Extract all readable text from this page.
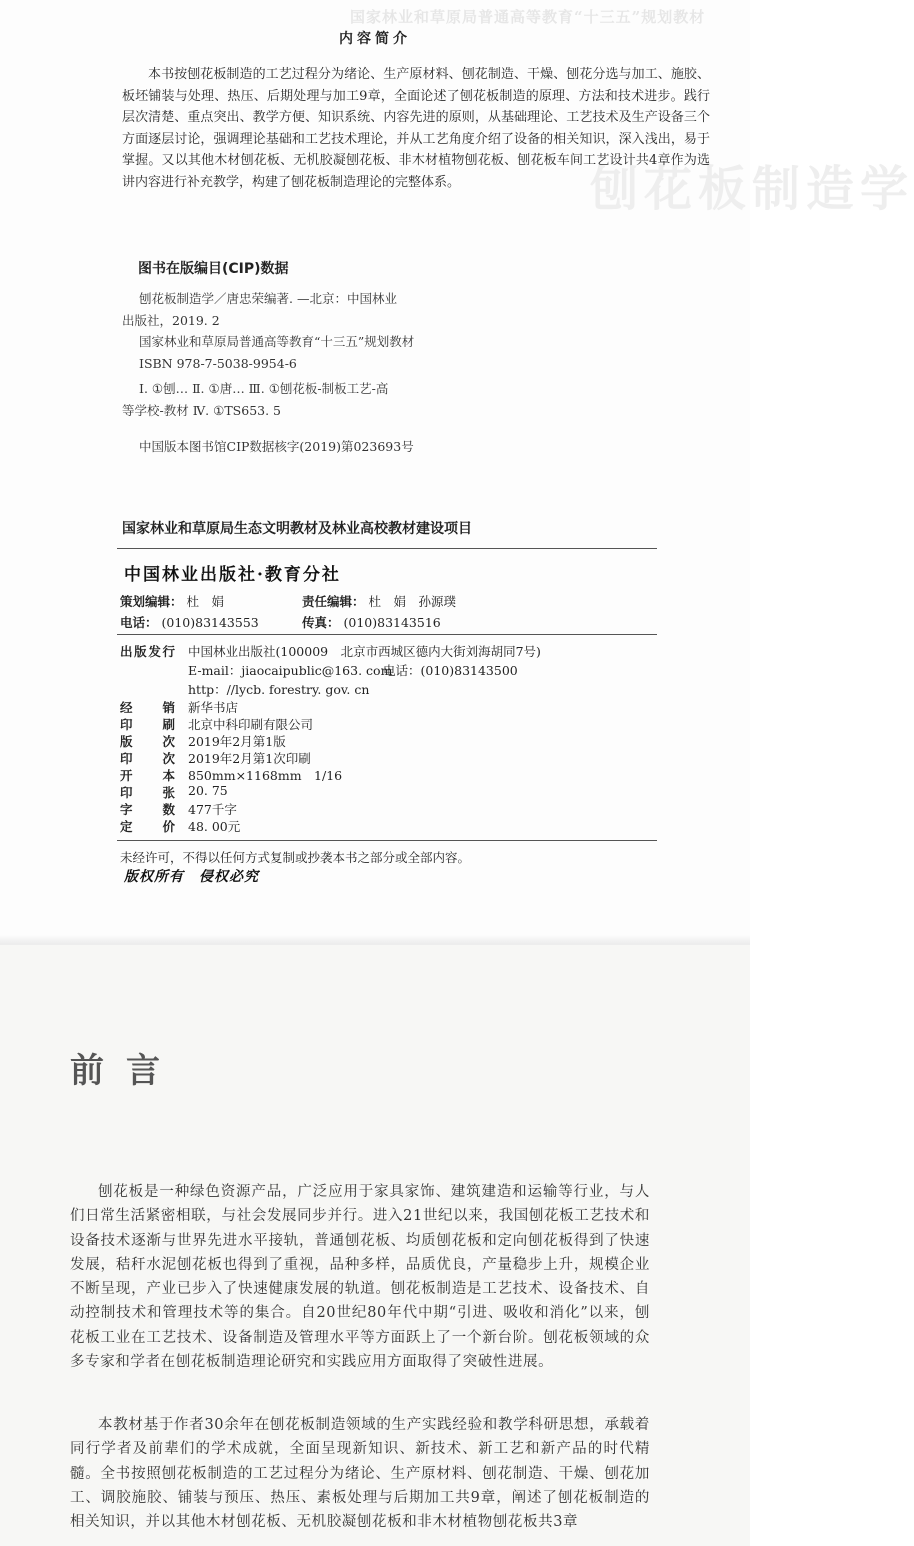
国家林业和草原局普通高等教育“十三五”规划教材
刨花板制造学
内容简介
本书按刨花板制造的工艺过程分为绪论、生产原材料、刨花制造、干燥、刨花分选与加工、施胶、板坯铺装与处理、热压、后期处理与加工9章，全面论述了刨花板制造的原理、方法和技术进步。践行层次清楚、重点突出、教学方便、知识系统、内容先进的原则，从基础理论、工艺技术及生产设备三个方面逐层讨论，强调理论基础和工艺技术理论，并从工艺角度介绍了设备的相关知识，深入浅出，易于掌握。又以其他木材刨花板、无机胶凝刨花板、非木材植物刨花板、刨花板车间工艺设计共4章作为选讲内容进行补充教学，构建了刨花板制造理论的完整体系。
图书在版编目(CIP)数据
刨花板制造学／唐忠荣编著. —北京：中国林业
出版社，2019. 2
国家林业和草原局普通高等教育“十三五”规划教材
ISBN 978-7-5038-9954-6
Ⅰ. ①刨… Ⅱ. ①唐… Ⅲ. ①刨花板-制板工艺-高
等学校-教材 Ⅳ. ①TS653. 5
中国版本图书馆CIP数据核字(2019)第023693号
国家林业和草原局生态文明教材及林业高校教材建设项目
中国林业出版社·教育分社
策划编辑： 杜　娟	责任编辑： 杜　娟　孙源璞
电话： (010)83143553	传真： (010)83143516
出版发行 中国林业出版社(100009　北京市西城区德内大街刘海胡同7号)
E-mail：jiaocaipublic@163. com
电话：(010)83143500
http：//lycb. forestry. gov. cn
经销 新华书店
印刷 北京中科印刷有限公司
版次 2019年2月第1版
印次 2019年2月第1次印刷
开本 850mm×1168mm　1/16
印张 20. 75
字数 477千字
定价 48. 00元
未经许可，不得以任何方式复制或抄袭本书之部分或全部内容。
版权所有　侵权必究
前言
刨花板是一种绿色资源产品，广泛应用于家具家饰、建筑建造和运输等行业，与人们日常生活紧密相联，与社会发展同步并行。进入21世纪以来，我国刨花板工艺技术和设备技术逐渐与世界先进水平接轨，普通刨花板、均质刨花板和定向刨花板得到了快速发展，秸秆水泥刨花板也得到了重视，品种多样，品质优良，产量稳步上升，规模企业不断呈现，产业已步入了快速健康发展的轨道。刨花板制造是工艺技术、设备技术、自动控制技术和管理技术等的集合。自20世纪80年代中期“引进、吸收和消化”以来，刨花板工业在工艺技术、设备制造及管理水平等方面跃上了一个新台阶。刨花板领域的众多专家和学者在刨花板制造理论研究和实践应用方面取得了突破性进展。
本教材基于作者30余年在刨花板制造领域的生产实践经验和教学科研思想，承载着同行学者及前辈们的学术成就，全面呈现新知识、新技术、新工艺和新产品的时代精髓。全书按照刨花板制造的工艺过程分为绪论、生产原材料、刨花制造、干燥、刨花加工、调胶施胶、铺装与预压、热压、素板处理与后期加工共9章，阐述了刨花板制造的相关知识，并以其他木材刨花板、无机胶凝刨花板和非木材植物刨花板共3章
